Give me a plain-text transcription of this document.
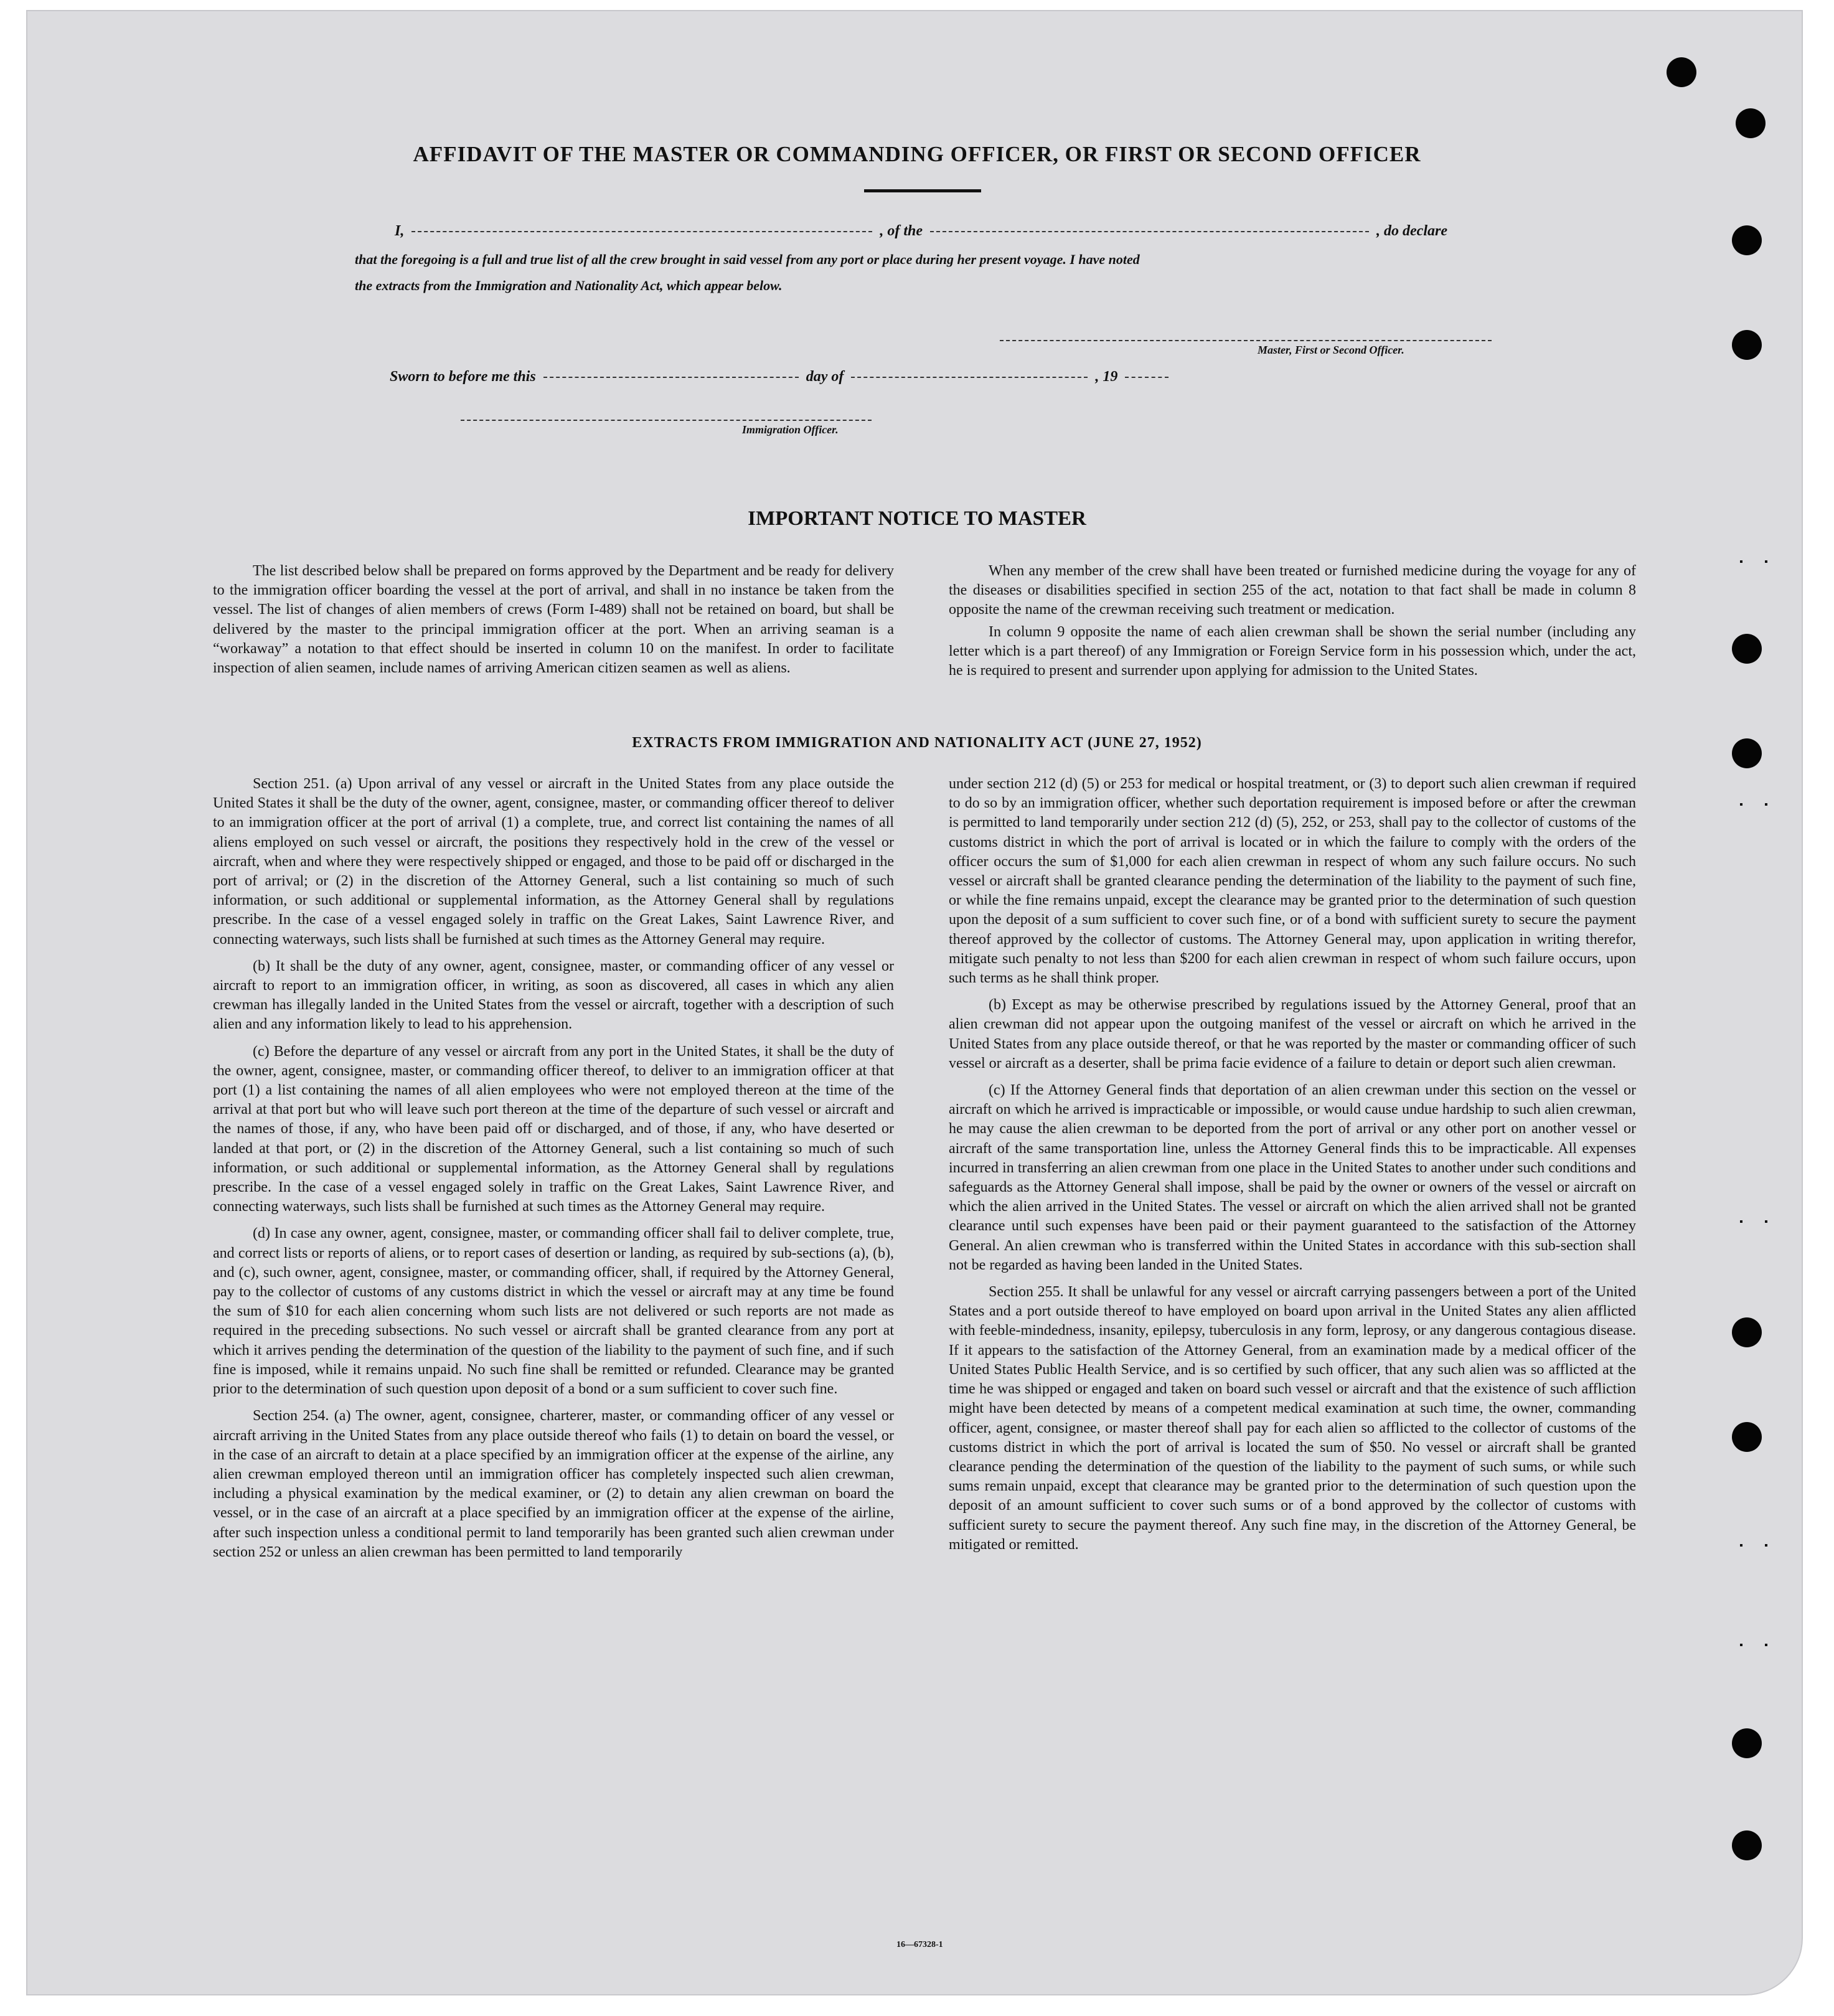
AFFIDAVIT OF THE MASTER OR COMMANDING OFFICER, OR FIRST OR SECOND OFFICER
I,	, of the	, do declare
that the foregoing is a full and true list of all the crew brought in said vessel from any port or place during her present voyage. I have noted
the extracts from the Immigration and Nationality Act, which appear below.
Master, First or Second Officer.
Sworn to before me this	day of	, 19
Immigration Officer.
IMPORTANT NOTICE TO MASTER

The list described below shall be prepared on forms approved by the Department and be ready for delivery to the immigration officer boarding the vessel at the port of arrival, and shall in no instance be taken from the vessel. The list of changes of alien members of crews (Form I-489) shall not be retained on board, but shall be delivered by the master to the principal immigration officer at the port. When an arriving seaman is a “workaway” a notation to that effect should be inserted in column 10 on the manifest. In order to facilitate inspection of alien seamen, include names of arriving American citizen seamen as well as aliens.

When any member of the crew shall have been treated or furnished medicine during the voyage for any of the diseases or disabilities specified in section 255 of the act, notation to that fact shall be made in column 8 opposite the name of the crewman receiving such treatment or medication.

In column 9 opposite the name of each alien crewman shall be shown the serial number (including any letter which is a part thereof) of any Immigration or Foreign Service form in his possession which, under the act, he is required to present and surrender upon applying for admission to the United States.

EXTRACTS FROM IMMIGRATION AND NATIONALITY ACT (JUNE 27, 1952)

Section 251. (a) Upon arrival of any vessel or aircraft in the United States from any place outside the United States it shall be the duty of the owner, agent, consignee, master, or commanding officer thereof to deliver to an immigration officer at the port of arrival (1) a complete, true, and correct list containing the names of all aliens employed on such vessel or aircraft, the positions they respectively hold in the crew of the vessel or aircraft, when and where they were respectively shipped or engaged, and those to be paid off or discharged in the port of arrival; or (2) in the discretion of the Attorney General, such a list containing so much of such information, or such additional or supplemental information, as the Attorney General shall by regulations prescribe. In the case of a vessel engaged solely in traffic on the Great Lakes, Saint Lawrence River, and connecting waterways, such lists shall be furnished at such times as the Attorney General may require.

(b) It shall be the duty of any owner, agent, consignee, master, or commanding officer of any vessel or aircraft to report to an immigration officer, in writing, as soon as discovered, all cases in which any alien crewman has illegally landed in the United States from the vessel or aircraft, together with a description of such alien and any information likely to lead to his apprehension.

(c) Before the departure of any vessel or aircraft from any port in the United States, it shall be the duty of the owner, agent, consignee, master, or commanding officer thereof, to deliver to an immigration officer at that port (1) a list containing the names of all alien employees who were not employed thereon at the time of the arrival at that port but who will leave such port thereon at the time of the departure of such vessel or aircraft and the names of those, if any, who have been paid off or discharged, and of those, if any, who have deserted or landed at that port, or (2) in the discretion of the Attorney General, such a list containing so much of such information, or such additional or supplemental information, as the Attorney General shall by regulations prescribe. In the case of a vessel engaged solely in traffic on the Great Lakes, Saint Lawrence River, and connecting waterways, such lists shall be furnished at such times as the Attorney General may require.

(d) In case any owner, agent, consignee, master, or commanding officer shall fail to deliver complete, true, and correct lists or reports of aliens, or to report cases of desertion or landing, as required by sub-sections (a), (b), and (c), such owner, agent, consignee, master, or commanding officer, shall, if required by the Attorney General, pay to the collector of customs of any customs district in which the vessel or aircraft may at any time be found the sum of $10 for each alien concerning whom such lists are not delivered or such reports are not made as required in the preceding subsections. No such vessel or aircraft shall be granted clearance from any port at which it arrives pending the determination of the question of the liability to the payment of such fine, and if such fine is imposed, while it remains unpaid. No such fine shall be remitted or refunded. Clearance may be granted prior to the determination of such question upon deposit of a bond or a sum sufficient to cover such fine.

Section 254. (a) The owner, agent, consignee, charterer, master, or commanding officer of any vessel or aircraft arriving in the United States from any place outside thereof who fails (1) to detain on board the vessel, or in the case of an aircraft to detain at a place specified by an immigration officer at the expense of the airline, any alien crewman employed thereon until an immigration officer has completely inspected such alien crewman, including a physical examination by the medical examiner, or (2) to detain any alien crewman on board the vessel, or in the case of an aircraft at a place specified by an immigration officer at the expense of the airline, after such inspection unless a conditional permit to land temporarily has been granted such alien crewman under section 252 or unless an alien crewman has been permitted to land temporarily

under section 212 (d) (5) or 253 for medical or hospital treatment, or (3) to deport such alien crewman if required to do so by an immigration officer, whether such deportation requirement is imposed before or after the crewman is permitted to land temporarily under section 212 (d) (5), 252, or 253, shall pay to the collector of customs of the customs district in which the port of arrival is located or in which the failure to comply with the orders of the officer occurs the sum of $1,000 for each alien crewman in respect of whom any such failure occurs. No such vessel or aircraft shall be granted clearance pending the determination of the liability to the payment of such fine, or while the fine remains unpaid, except the clearance may be granted prior to the determination of such question upon the deposit of a sum sufficient to cover such fine, or of a bond with sufficient surety to secure the payment thereof approved by the collector of customs. The Attorney General may, upon application in writing therefor, mitigate such penalty to not less than $200 for each alien crewman in respect of whom such failure occurs, upon such terms as he shall think proper.

(b) Except as may be otherwise prescribed by regulations issued by the Attorney General, proof that an alien crewman did not appear upon the outgoing manifest of the vessel or aircraft on which he arrived in the United States from any place outside thereof, or that he was reported by the master or commanding officer of such vessel or aircraft as a deserter, shall be prima facie evidence of a failure to detain or deport such alien crewman.

(c) If the Attorney General finds that deportation of an alien crewman under this section on the vessel or aircraft on which he arrived is impracticable or impossible, or would cause undue hardship to such alien crewman, he may cause the alien crewman to be deported from the port of arrival or any other port on another vessel or aircraft of the same transportation line, unless the Attorney General finds this to be impracticable. All expenses incurred in transferring an alien crewman from one place in the United States to another under such conditions and safeguards as the Attorney General shall impose, shall be paid by the owner or owners of the vessel or aircraft on which the alien arrived in the United States. The vessel or aircraft on which the alien arrived shall not be granted clearance until such expenses have been paid or their payment guaranteed to the satisfaction of the Attorney General. An alien crewman who is transferred within the United States in accordance with this sub-section shall not be regarded as having been landed in the United States.

Section 255. It shall be unlawful for any vessel or aircraft carrying passengers between a port of the United States and a port outside thereof to have employed on board upon arrival in the United States any alien afflicted with feeble-mindedness, insanity, epilepsy, tuberculosis in any form, leprosy, or any dangerous contagious disease. If it appears to the satisfaction of the Attorney General, from an examination made by a medical officer of the United States Public Health Service, and is so certified by such officer, that any such alien was so afflicted at the time he was shipped or engaged and taken on board such vessel or aircraft and that the existence of such affliction might have been detected by means of a competent medical examination at such time, the owner, commanding officer, agent, consignee, or master thereof shall pay for each alien so afflicted to the collector of customs of the customs district in which the port of arrival is located the sum of $50. No vessel or aircraft shall be granted clearance pending the determination of the question of the liability to the payment of such sums, or while such sums remain unpaid, except that clearance may be granted prior to the determination of such question upon the deposit of an amount sufficient to cover such sums or of a bond approved by the collector of customs with sufficient surety to secure the payment thereof. Any such fine may, in the discretion of the Attorney General, be mitigated or remitted.

16—67328-1
